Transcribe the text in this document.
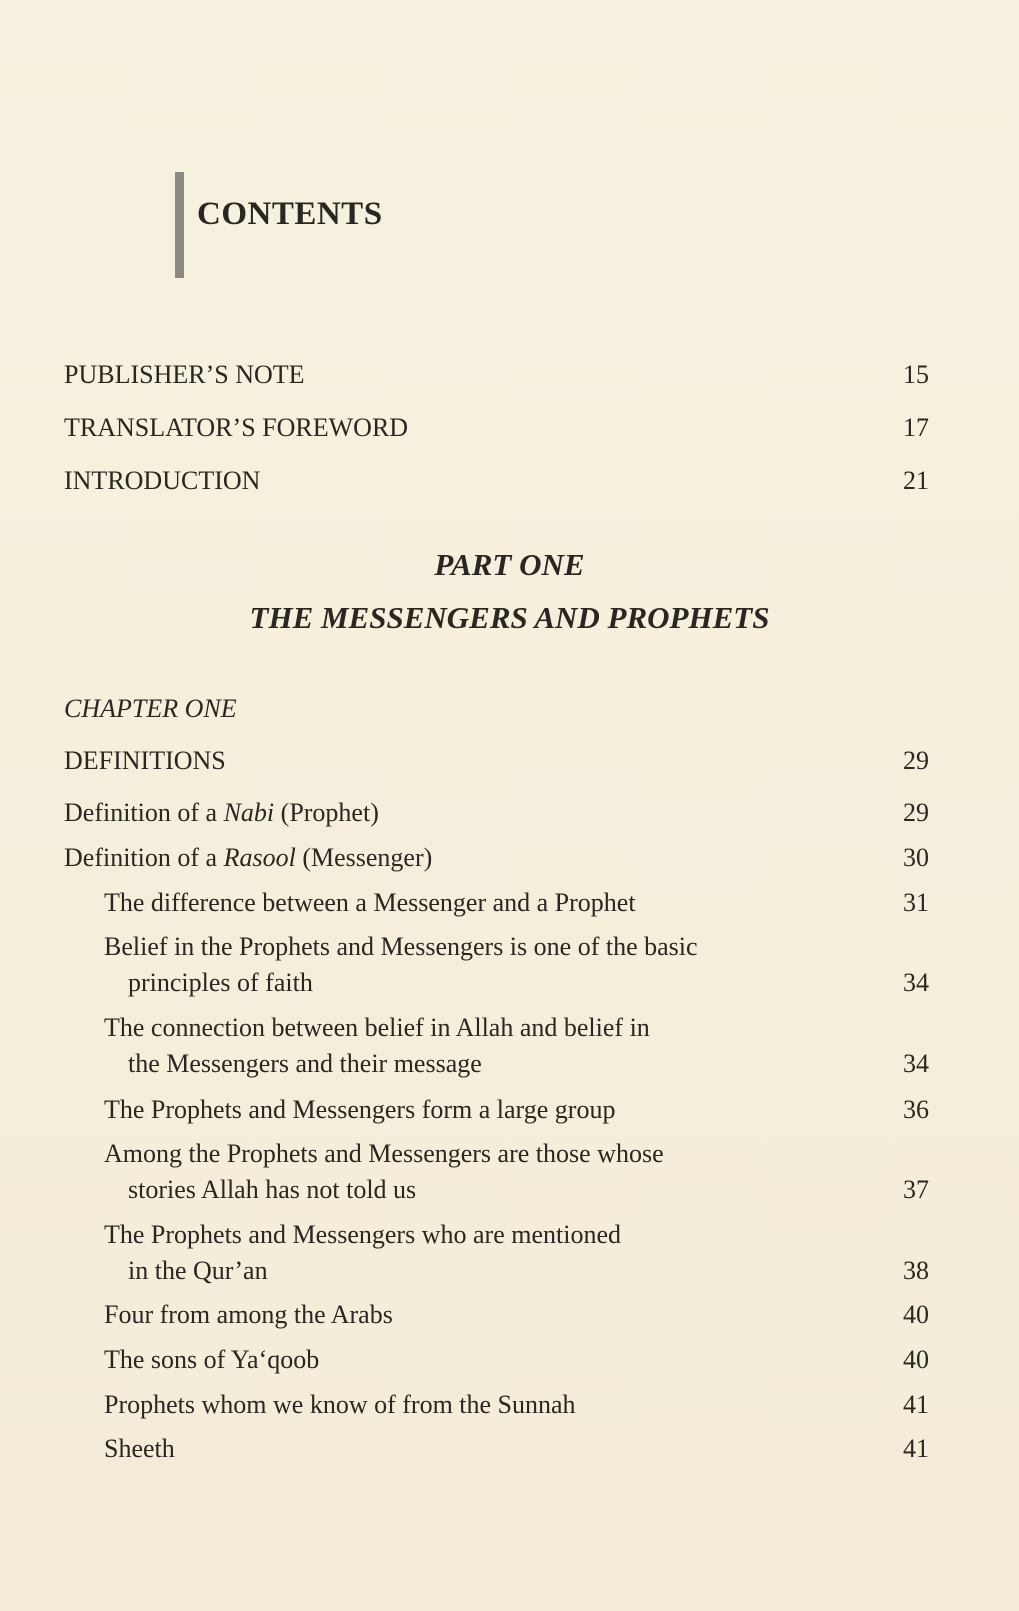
CONTENTS
PUBLISHER’S NOTE	15
TRANSLATOR’S FOREWORD	17
INTRODUCTION	21
PART ONE
THE MESSENGERS AND PROPHETS
CHAPTER ONE
DEFINITIONS	29
Definition of a Nabi (Prophet)	29
Definition of a Rasool (Messenger)	30
The difference between a Messenger and a Prophet	31
Belief in the Prophets and Messengers is one of the basic
principles of faith	34
The connection between belief in Allah and belief in
the Messengers and their message	34
The Prophets and Messengers form a large group	36
Among the Prophets and Messengers are those whose
stories Allah has not told us	37
The Prophets and Messengers who are mentioned
in the Qur’an	38
Four from among the Arabs	40
The sons of Ya‘qoob	40
Prophets whom we know of from the Sunnah	41
Sheeth	41
